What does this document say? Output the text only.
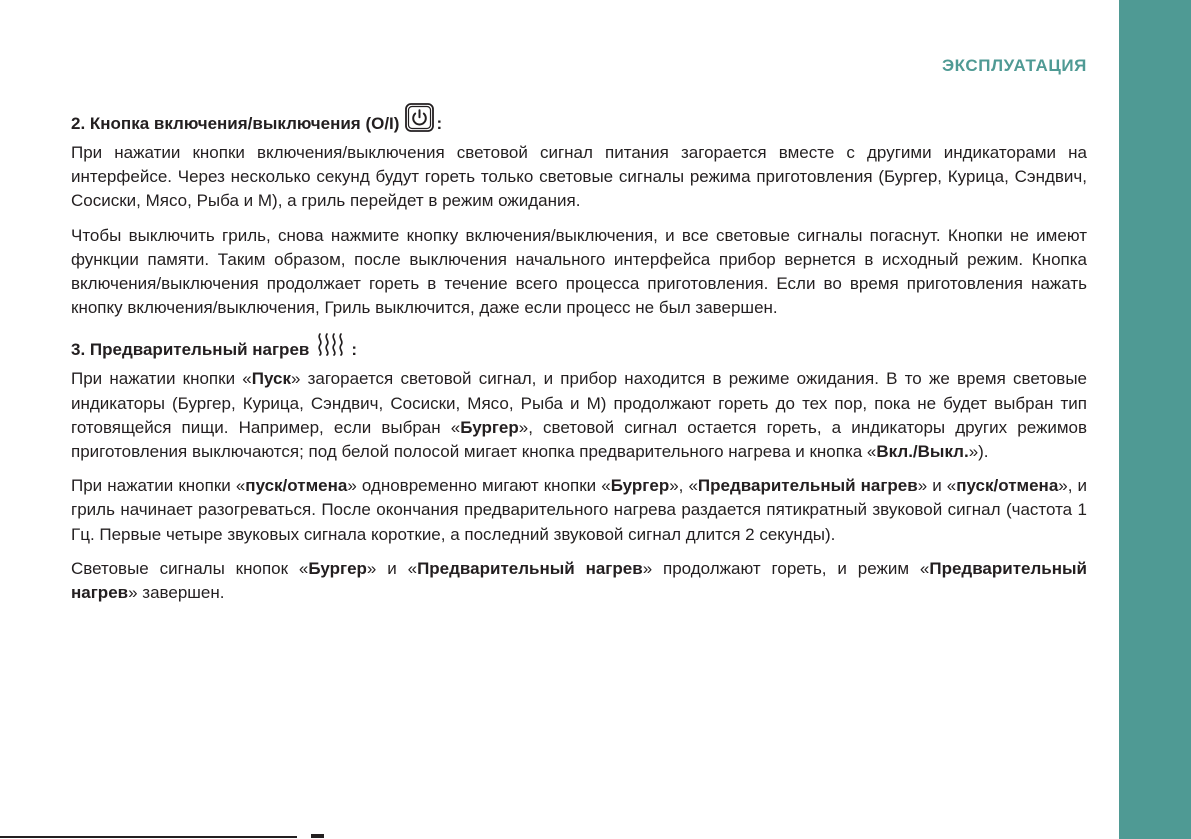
ЭКСПЛУАТАЦИЯ
2. Кнопка включения/выключения (O/I) :

При нажатии кнопки включения/выключения световой сигнал питания загорается вместе с другими индикаторами на интерфейсе. Через несколько секунд будут гореть только световые сигналы режима приготовления (Бургер, Курица, Сэндвич, Сосиски, Мясо, Рыба и M), а гриль перейдет в режим ожидания.

Чтобы выключить гриль, снова нажмите кнопку включения/выключения, и все световые сигналы погаснут. Кнопки не имеют функции памяти. Таким образом, после выключения начального интерфейса прибор вернется в исходный режим. Кнопка включения/выключения продолжает гореть в течение всего процесса приготовления. Если во время приготовления нажать кнопку включения/выключения, Гриль выключится, даже если процесс не был завершен.

3. Предварительный нагрев :

При нажатии кнопки «Пуск» загорается световой сигнал, и прибор находится в режиме ожидания. В то же время световые индикаторы (Бургер, Курица, Сэндвич, Сосиски, Мясо, Рыба и M) продолжают гореть до тех пор, пока не будет выбран тип готовящейся пищи. Например, если выбран «Бургер», световой сигнал остается гореть, а индикаторы других режимов приготовления выключаются; под белой полосой мигает кнопка предварительного нагрева и кнопка «Вкл./Выкл.»).

При нажатии кнопки «пуск/отмена» одновременно мигают кнопки «Бургер», «Предварительный нагрев» и «пуск/отмена», и гриль начинает разогреваться. После окончания предварительного нагрева раздается пятикратный звуковой сигнал (частота 1 Гц. Первые четыре звуковых сигнала короткие, а последний звуковой сигнал длится 2 секунды).

Световые сигналы кнопок «Бургер» и «Предварительный нагрев» продолжают гореть, и режим «Предварительный нагрев» завершен.
